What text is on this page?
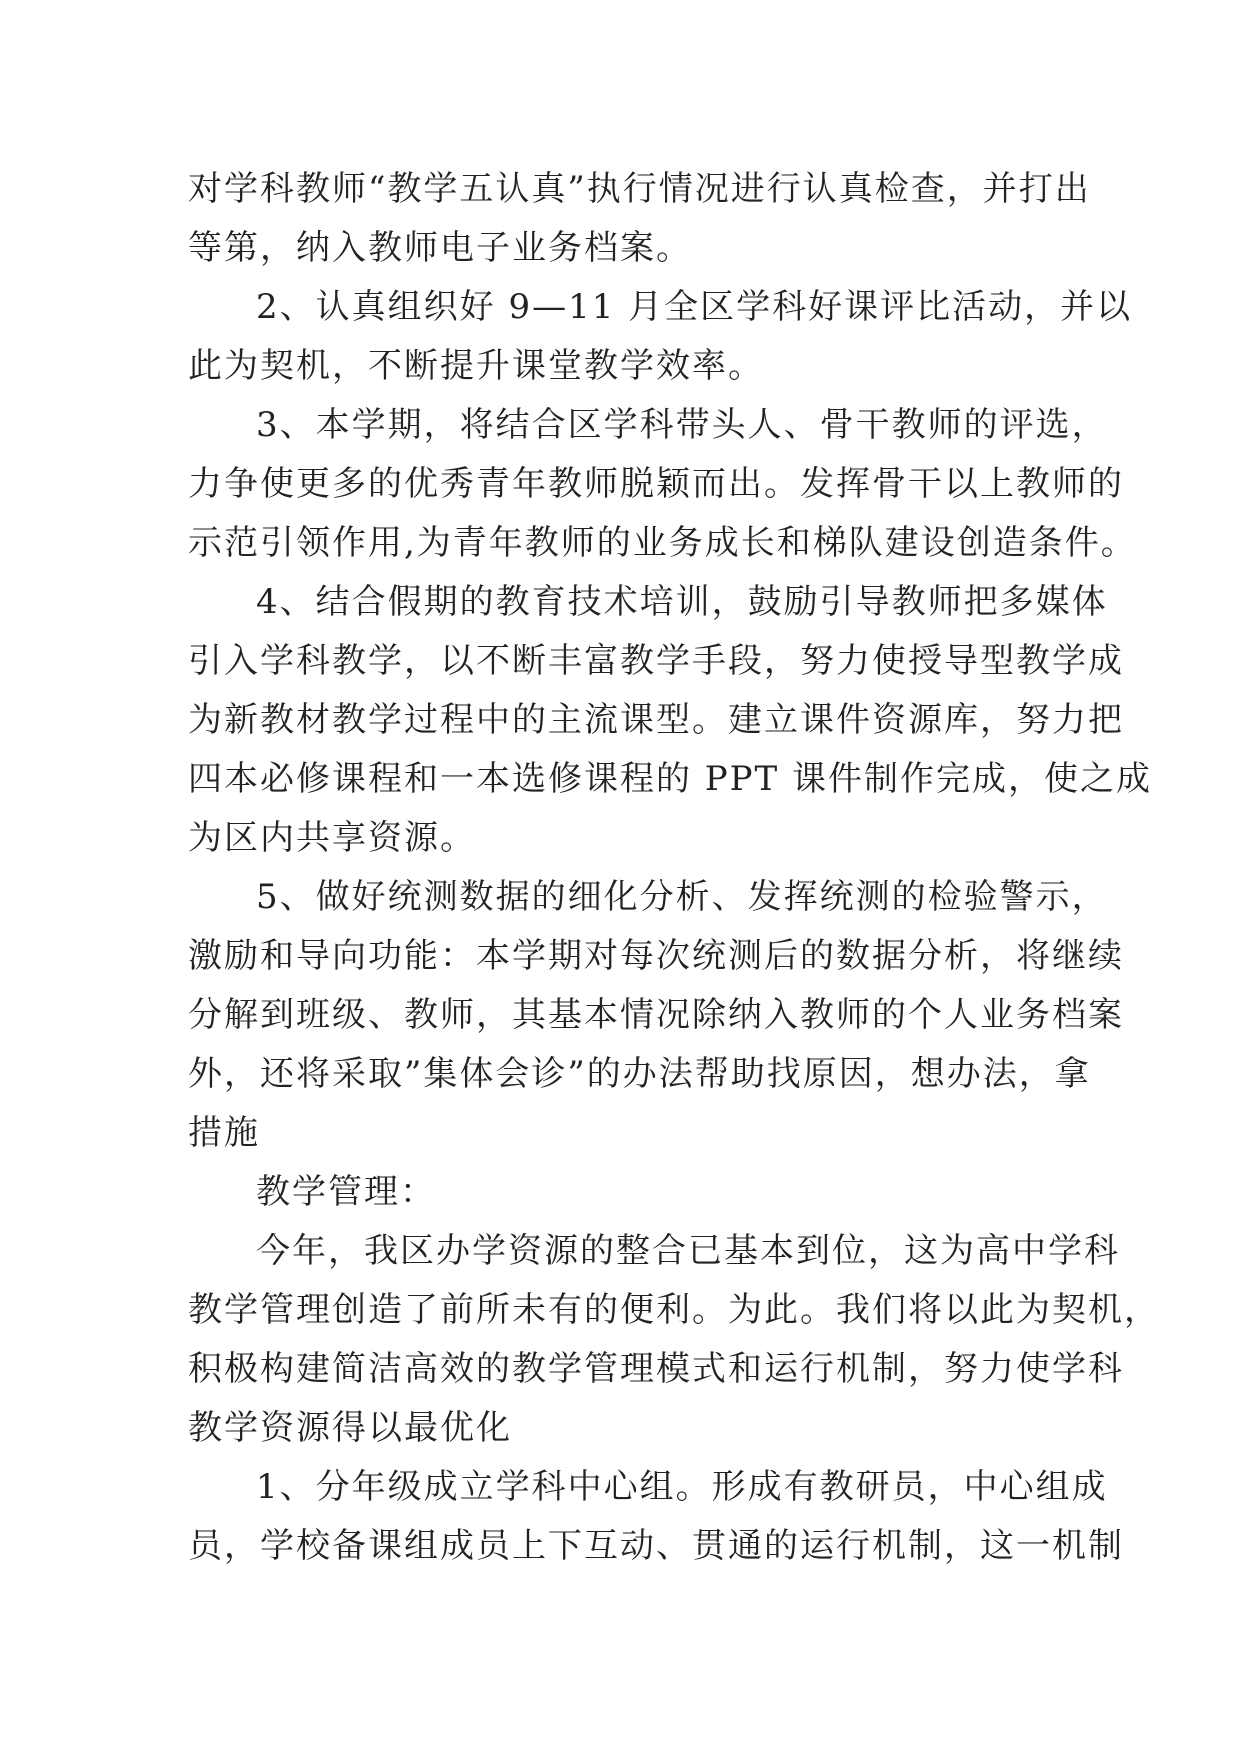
对学科教师“教学五认真”执行情况进行认真检查，并打出
等第，纳入教师电子业务档案。
2、认真组织好 9—11 月全区学科好课评比活动，并以
此为契机，不断提升课堂教学效率。
3、本学期，将结合区学科带头人、骨干教师的评选，
力争使更多的优秀青年教师脱颖而出。发挥骨干以上教师的
示范引领作用,为青年教师的业务成长和梯队建设创造条件。
4、结合假期的教育技术培训，鼓励引导教师把多媒体
引入学科教学，以不断丰富教学手段，努力使授导型教学成
为新教材教学过程中的主流课型。建立课件资源库，努力把
四本必修课程和一本选修课程的 PPT 课件制作完成，使之成
为区内共享资源。
5、做好统测数据的细化分析、发挥统测的检验警示，
激励和导向功能：本学期对每次统测后的数据分析，将继续
分解到班级、教师，其基本情况除纳入教师的个人业务档案
外，还将采取”集体会诊”的办法帮助找原因，想办法，拿
措施
教学管理：
今年，我区办学资源的整合已基本到位，这为高中学科
教学管理创造了前所未有的便利。为此。我们将以此为契机，
积极构建简洁高效的教学管理模式和运行机制，努力使学科
教学资源得以最优化
1、分年级成立学科中心组。形成有教研员，中心组成
员，学校备课组成员上下互动、贯通的运行机制，这一机制
